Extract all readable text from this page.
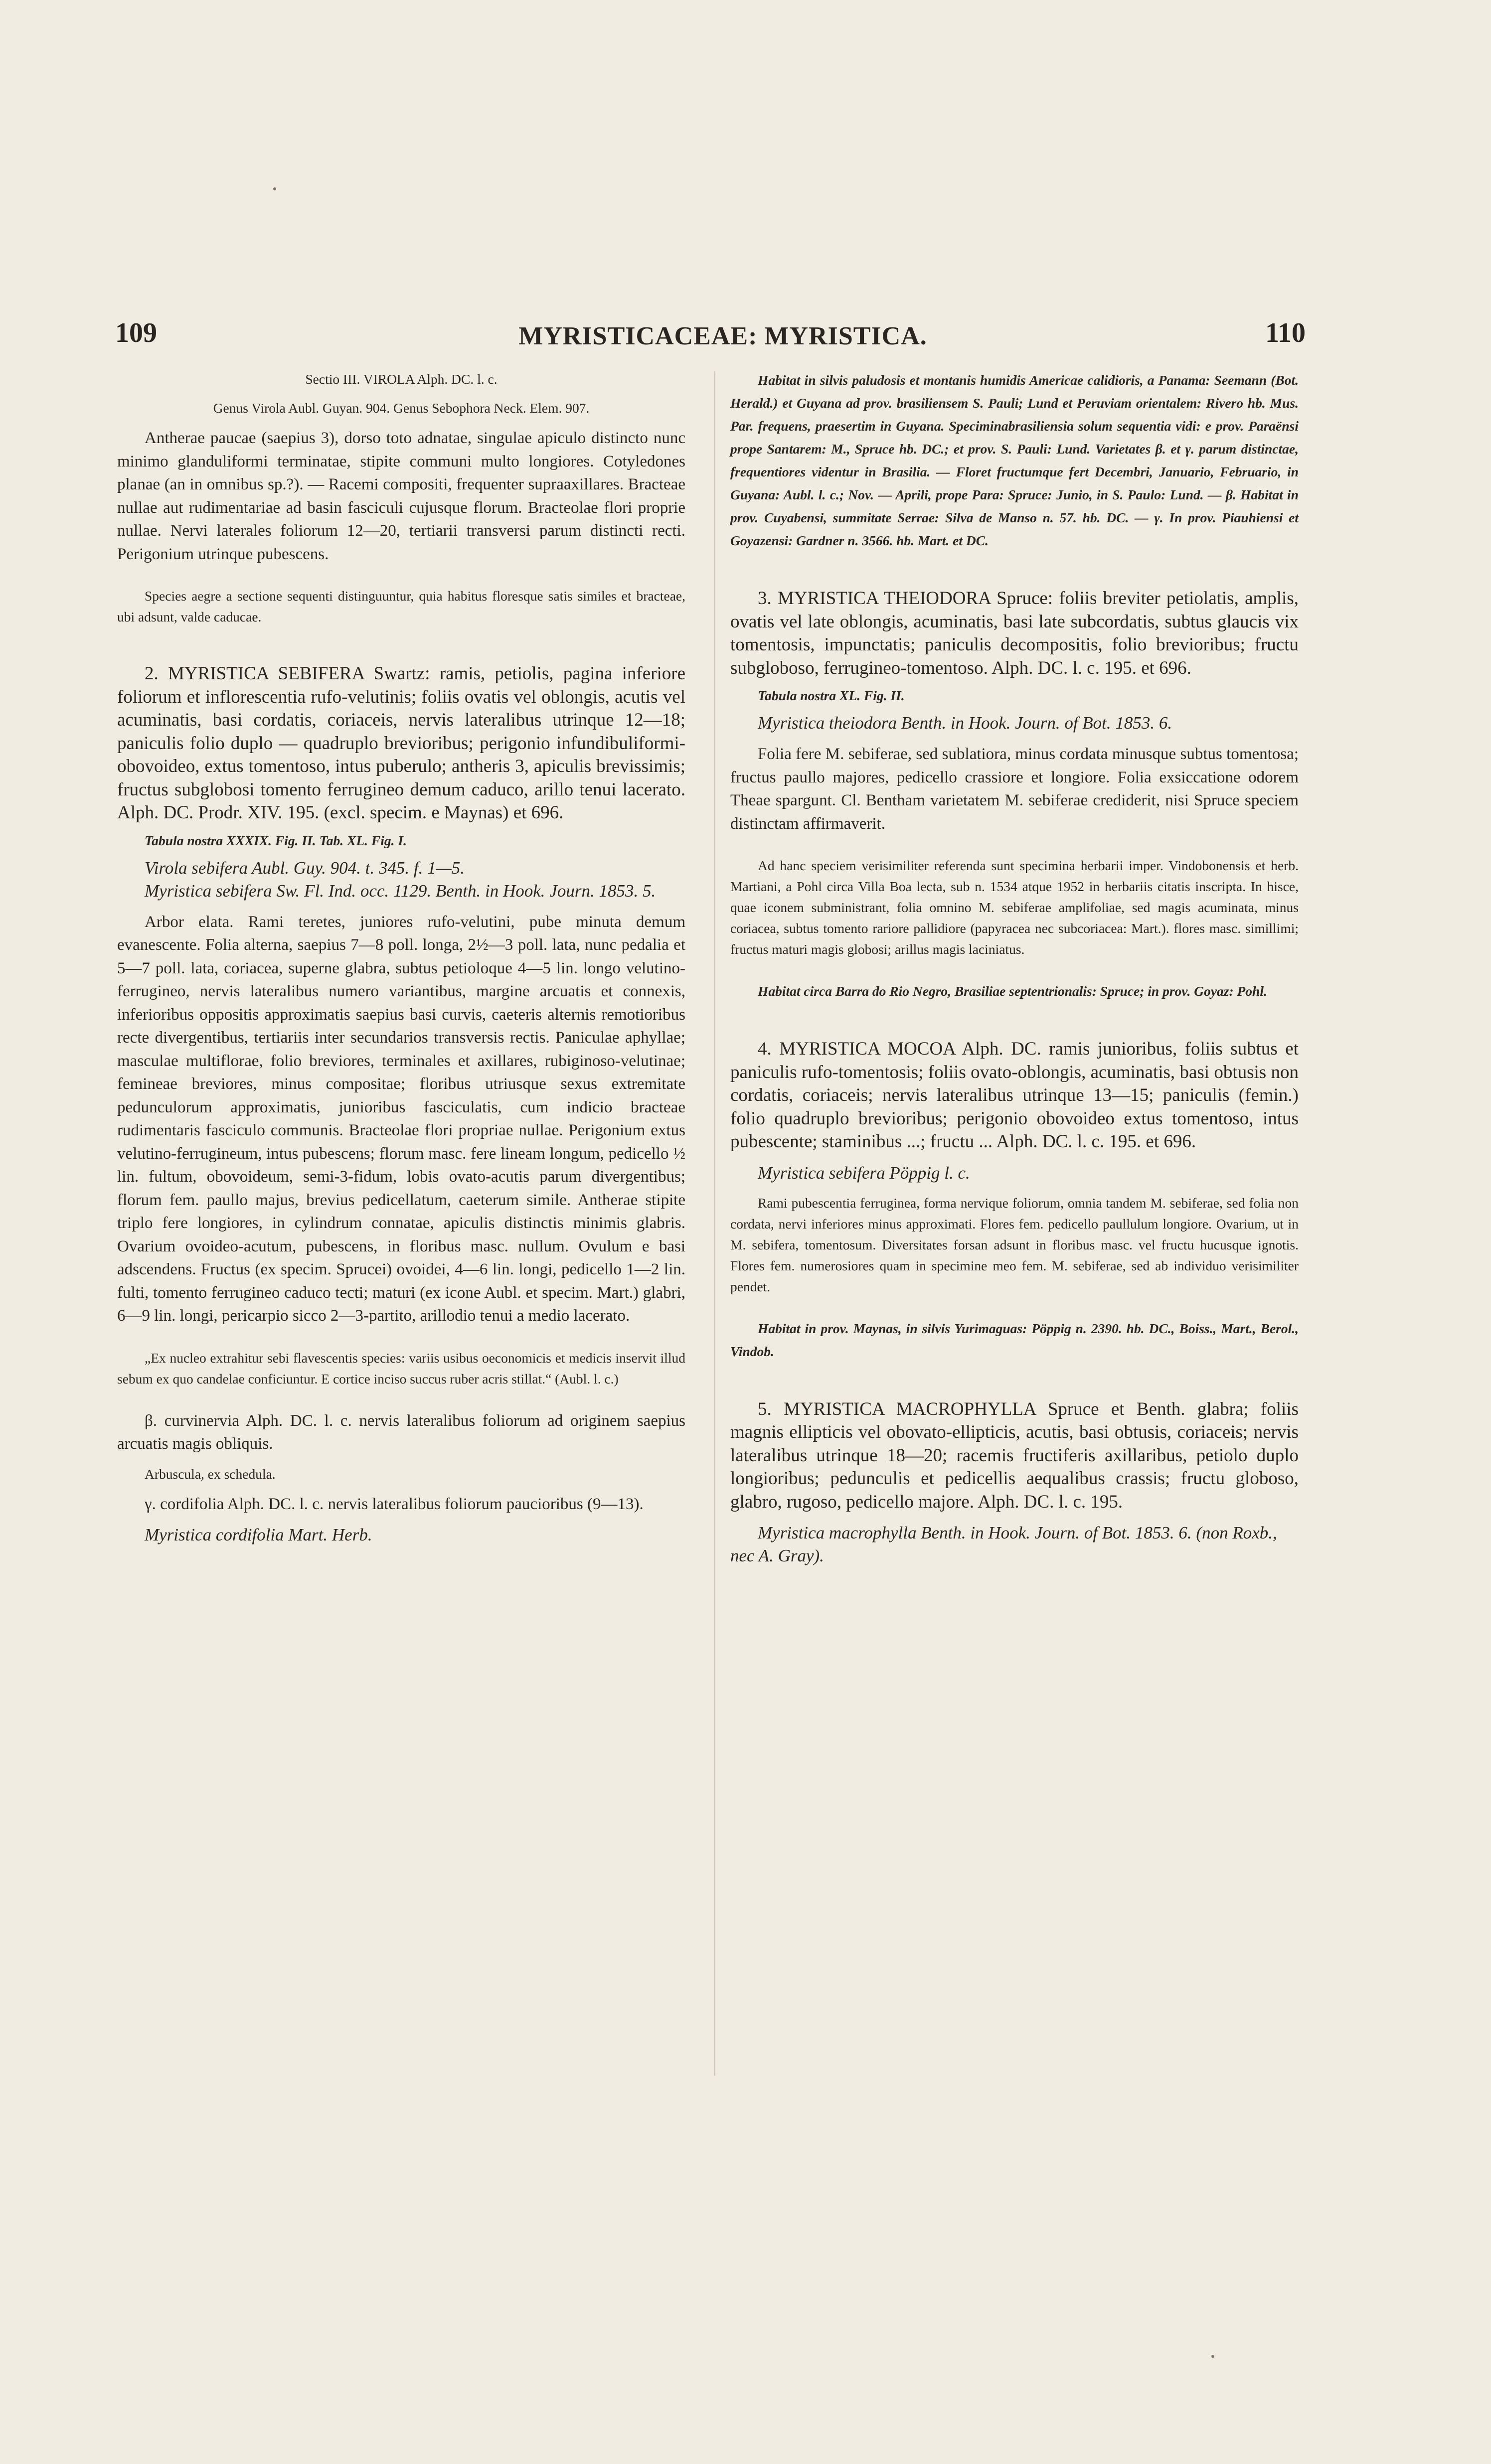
109	MYRISTICACEAE: MYRISTICA.	110

Sectio III. VIROLA Alph. DC. l. c.

Genus Virola Aubl. Guyan. 904. Genus Sebophora Neck. Elem. 907.

Antherae paucae (saepius 3), dorso toto adnatae, singulae apiculo distincto nunc minimo glanduliformi terminatae, stipite communi multo longiores. Cotyledones planae (an in omnibus sp.?). — Racemi compositi, frequenter supraaxillares. Bracteae nullae aut rudimentariae ad basin fasciculi cujusque florum. Bracteolae flori proprie nullae. Nervi laterales foliorum 12—20, tertiarii transversi parum distincti recti. Perigonium utrinque pubescens.

Species aegre a sectione sequenti distinguuntur, quia habitus floresque satis similes et bracteae, ubi adsunt, valde caducae.

2. MYRISTICA SEBIFERA Swartz: ramis, petiolis, pagina inferiore foliorum et inflorescentia rufo-velutinis; foliis ovatis vel oblongis, acutis vel acuminatis, basi cordatis, coriaceis, nervis lateralibus utrinque 12—18; paniculis folio duplo — quadruplo brevioribus; perigonio infundibuliformi-obovoideo, extus tomentoso, intus puberulo; antheris 3, apiculis brevissimis; fructus subglobosi tomento ferrugineo demum caduco, arillo tenui lacerato. Alph. DC. Prodr. XIV. 195. (excl. specim. e Maynas) et 696.

Tabula nostra XXXIX. Fig. II. Tab. XL. Fig. I.

Virola sebifera Aubl. Guy. 904. t. 345. f. 1—5.

Myristica sebifera Sw. Fl. Ind. occ. 1129. Benth. in Hook. Journ. 1853. 5.

Arbor elata. Rami teretes, juniores rufo-velutini, pube minuta demum evanescente. Folia alterna, saepius 7—8 poll. longa, 2½—3 poll. lata, nunc pedalia et 5—7 poll. lata, coriacea, superne glabra, subtus petioloque 4—5 lin. longo velutino-ferrugineo, nervis lateralibus numero variantibus, margine arcuatis et connexis, inferioribus oppositis approximatis saepius basi curvis, caeteris alternis remotioribus recte divergentibus, tertiariis inter secundarios transversis rectis. Paniculae aphyllae; masculae multiflorae, folio breviores, terminales et axillares, rubiginoso-velutinae; femineae breviores, minus compositae; floribus utriusque sexus extremitate pedunculorum approximatis, junioribus fasciculatis, cum indicio bracteae rudimentaris fasciculo communis. Bracteolae flori propriae nullae. Perigonium extus velutino-ferrugineum, intus pubescens; florum masc. fere lineam longum, pedicello ½ lin. fultum, obovoideum, semi-3-fidum, lobis ovato-acutis parum divergentibus; florum fem. paullo majus, brevius pedicellatum, caeterum simile. Antherae stipite triplo fere longiores, in cylindrum connatae, apiculis distinctis minimis glabris. Ovarium ovoideo-acutum, pubescens, in floribus masc. nullum. Ovulum e basi adscendens. Fructus (ex specim. Sprucei) ovoidei, 4—6 lin. longi, pedicello 1—2 lin. fulti, tomento ferrugineo caduco tecti; maturi (ex icone Aubl. et specim. Mart.) glabri, 6—9 lin. longi, pericarpio sicco 2—3-partito, arillodio tenui a medio lacerato.

„Ex nucleo extrahitur sebi flavescentis species: variis usibus oeconomicis et medicis inservit illud sebum ex quo candelae conficiuntur. E cortice inciso succus ruber acris stillat.“ (Aubl. l. c.)

β. curvinervia Alph. DC. l. c. nervis lateralibus foliorum ad originem saepius arcuatis magis obliquis.

Arbuscula, ex schedula.

γ. cordifolia Alph. DC. l. c. nervis lateralibus foliorum paucioribus (9—13).

Myristica cordifolia Mart. Herb.

Habitat in silvis paludosis et montanis humidis Americae calidioris, a Panama: Seemann (Bot. Herald.) et Guyana ad prov. brasiliensem S. Pauli; Lund et Peruviam orientalem: Rivero hb. Mus. Par. frequens, praesertim in Guyana. Speciminabrasiliensia solum sequentia vidi: e prov. Paraënsi prope Santarem: M., Spruce hb. DC.; et prov. S. Pauli: Lund. Varietates β. et γ. parum distinctae, frequentiores videntur in Brasilia. — Floret fructumque fert Decembri, Januario, Februario, in Guyana: Aubl. l. c.; Nov. — Aprili, prope Para: Spruce: Junio, in S. Paulo: Lund. — β. Habitat in prov. Cuyabensi, summitate Serrae: Silva de Manso n. 57. hb. DC. — γ. In prov. Piauhiensi et Goyazensi: Gardner n. 3566. hb. Mart. et DC.

3. MYRISTICA THEIODORA Spruce: foliis breviter petiolatis, amplis, ovatis vel late oblongis, acuminatis, basi late subcordatis, subtus glaucis vix tomentosis, impunctatis; paniculis decompositis, folio brevioribus; fructu subgloboso, ferrugineo-tomentoso. Alph. DC. l. c. 195. et 696.

Tabula nostra XL. Fig. II.

Myristica theiodora Benth. in Hook. Journ. of Bot. 1853. 6.

Folia fere M. sebiferae, sed sublatiora, minus cordata minusque subtus tomentosa; fructus paullo majores, pedicello crassiore et longiore. Folia exsiccatione odorem Theae spargunt. Cl. Bentham varietatem M. sebiferae crediderit, nisi Spruce speciem distinctam affirmaverit.

Ad hanc speciem verisimiliter referenda sunt specimina herbarii imper. Vindobonensis et herb. Martiani, a Pohl circa Villa Boa lecta, sub n. 1534 atque 1952 in herbariis citatis inscripta. In hisce, quae iconem subministrant, folia omnino M. sebiferae amplifoliae, sed magis acuminata, minus coriacea, subtus tomento rariore pallidiore (papyracea nec subcoriacea: Mart.). flores masc. simillimi; fructus maturi magis globosi; arillus magis laciniatus.

Habitat circa Barra do Rio Negro, Brasiliae septentrionalis: Spruce; in prov. Goyaz: Pohl.

4. MYRISTICA MOCOA Alph. DC. ramis junioribus, foliis subtus et paniculis rufo-tomentosis; foliis ovato-oblongis, acuminatis, basi obtusis non cordatis, coriaceis; nervis lateralibus utrinque 13—15; paniculis (femin.) folio quadruplo brevioribus; perigonio obovoideo extus tomentoso, intus pubescente; staminibus ...; fructu ... Alph. DC. l. c. 195. et 696.

Myristica sebifera Pöppig l. c.

Rami pubescentia ferruginea, forma nervique foliorum, omnia tandem M. sebiferae, sed folia non cordata, nervi inferiores minus approximati. Flores fem. pedicello paullulum longiore. Ovarium, ut in M. sebifera, tomentosum. Diversitates forsan adsunt in floribus masc. vel fructu hucusque ignotis. Flores fem. numerosiores quam in specimine meo fem. M. sebiferae, sed ab individuo verisimiliter pendet.

Habitat in prov. Maynas, in silvis Yurimaguas: Pöppig n. 2390. hb. DC., Boiss., Mart., Berol., Vindob.

5. MYRISTICA MACROPHYLLA Spruce et Benth. glabra; foliis magnis ellipticis vel obovato-ellipticis, acutis, basi obtusis, coriaceis; nervis lateralibus utrinque 18—20; racemis fructiferis axillaribus, petiolo duplo longioribus; pedunculis et pedicellis aequalibus crassis; fructu globoso, glabro, rugoso, pedicello majore. Alph. DC. l. c. 195.

Myristica macrophylla Benth. in Hook. Journ. of Bot. 1853. 6. (non Roxb., nec A. Gray).
